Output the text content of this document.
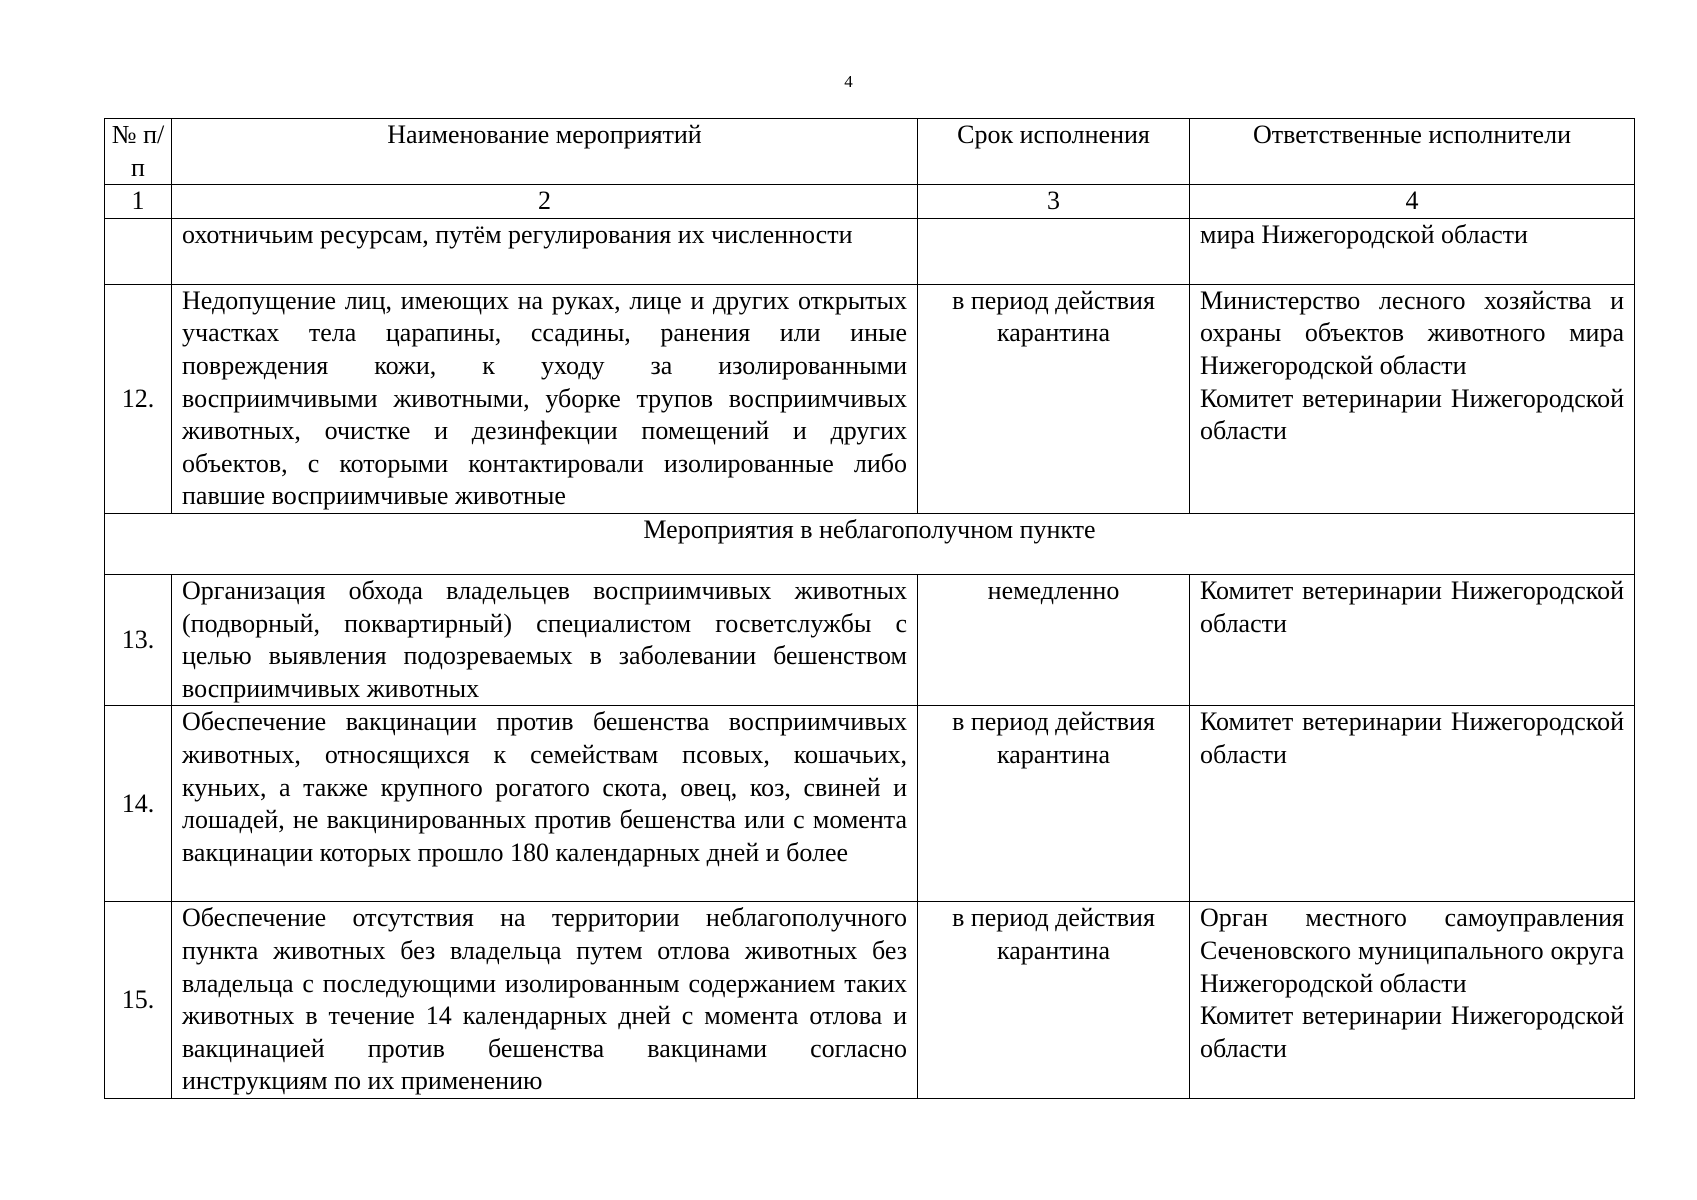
4
№ п/п	Наименование мероприятий	Срок исполнения	Ответственные исполнители
1	2	3	4
	охотничьим ресурсам, путём регулирования их численности		мира Нижегородской области
12.	Недопущение лиц, имеющих на руках, лице и других открытых участках тела царапины, ссадины, ранения или иные повреждения кожи, к уходу за изолированными восприимчивыми животными, уборке трупов восприимчивых животных, очистке и дезинфекции помещений и других объектов, с которыми контактировали изолированные либо павшие восприимчивые животные	в период действия карантина	Министерство лесного хозяйства и охраны объектов животного мира Нижегородской области
Комитет ветеринарии Нижегородской области

Мероприятия в неблагополучном пункте			
13.	Организация обхода владельцев восприимчивых животных (подворный, поквартирный) специалистом госветслужбы с целью выявления подозреваемых в заболевании бешенством восприимчивых животных	немедленно	Комитет ветеринарии Нижегородской области

14.	Обеспечение вакцинации против бешенства восприимчивых животных, относящихся к семействам псовых, кошачьих, куньих, а также крупного рогатого скота, овец, коз, свиней и лошадей, не вакцинированных против бешенства или с момента вакцинации которых прошло 180 календарных дней и более	в период действия карантина	Комитет ветеринарии Нижегородской области

15.	Обеспечение отсутствия на территории неблагополучного пункта животных без владельца путем отлова животных без владельца с последующими изолированным содержанием таких животных в течение 14 календарных дней с момента отлова и вакцинацией против бешенства вакцинами согласно инструкциям по их применению	в период действия карантина	Орган местного самоуправления Сеченовского муниципального округа Нижегородской области
Комитет ветеринарии Нижегородской области
